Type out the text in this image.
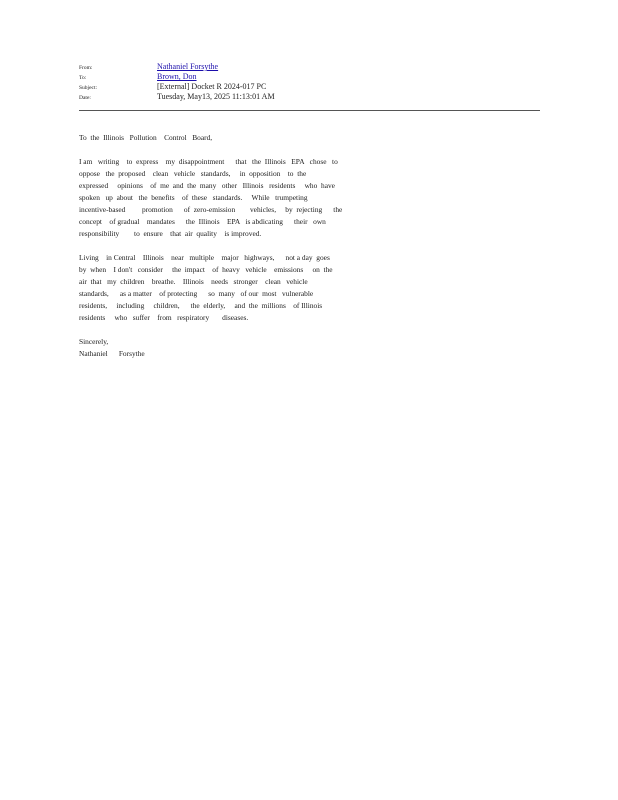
From:	Nathaniel Forsythe
To:	Brown, Don
Subject:	[External] Docket R 2024-017 PC
Date:	Tuesday, May13, 2025 11:13:01 AM

To  the  Illinois   Pollution    Control   Board,

I am   writing    to  express    my  disappointment      that   the  Illinois   EPA   chose   to
oppose   the  proposed    clean   vehicle   standards,     in  opposition    to  the
expressed     opinions    of  me  and  the  many   other   Illinois   residents     who  have
spoken   up  about   the  benefits    of  these   standards.     While   trumpeting
incentive-based         promotion      of  zero-emission        vehicles,     by  rejecting      the
concept    of gradual    mandates      the  Illinois    EPA   is abdicating      their   own
responsibility        to  ensure    that  air  quality    is improved.

Living    in Central    Illinois    near   multiple    major   highways,      not a day  goes
by  when    I don't   consider     the  impact    of  heavy   vehicle    emissions     on  the
air  that   my  children    breathe.    Illinois    needs   stronger    clean   vehicle
standards,      as a matter    of protecting      so  many   of our  most   vulnerable
residents,     including     children,      the  elderly,     and  the  millions    of Illinois
residents     who   suffer    from   respiratory       diseases.

Sincerely,
Nathaniel      Forsythe
